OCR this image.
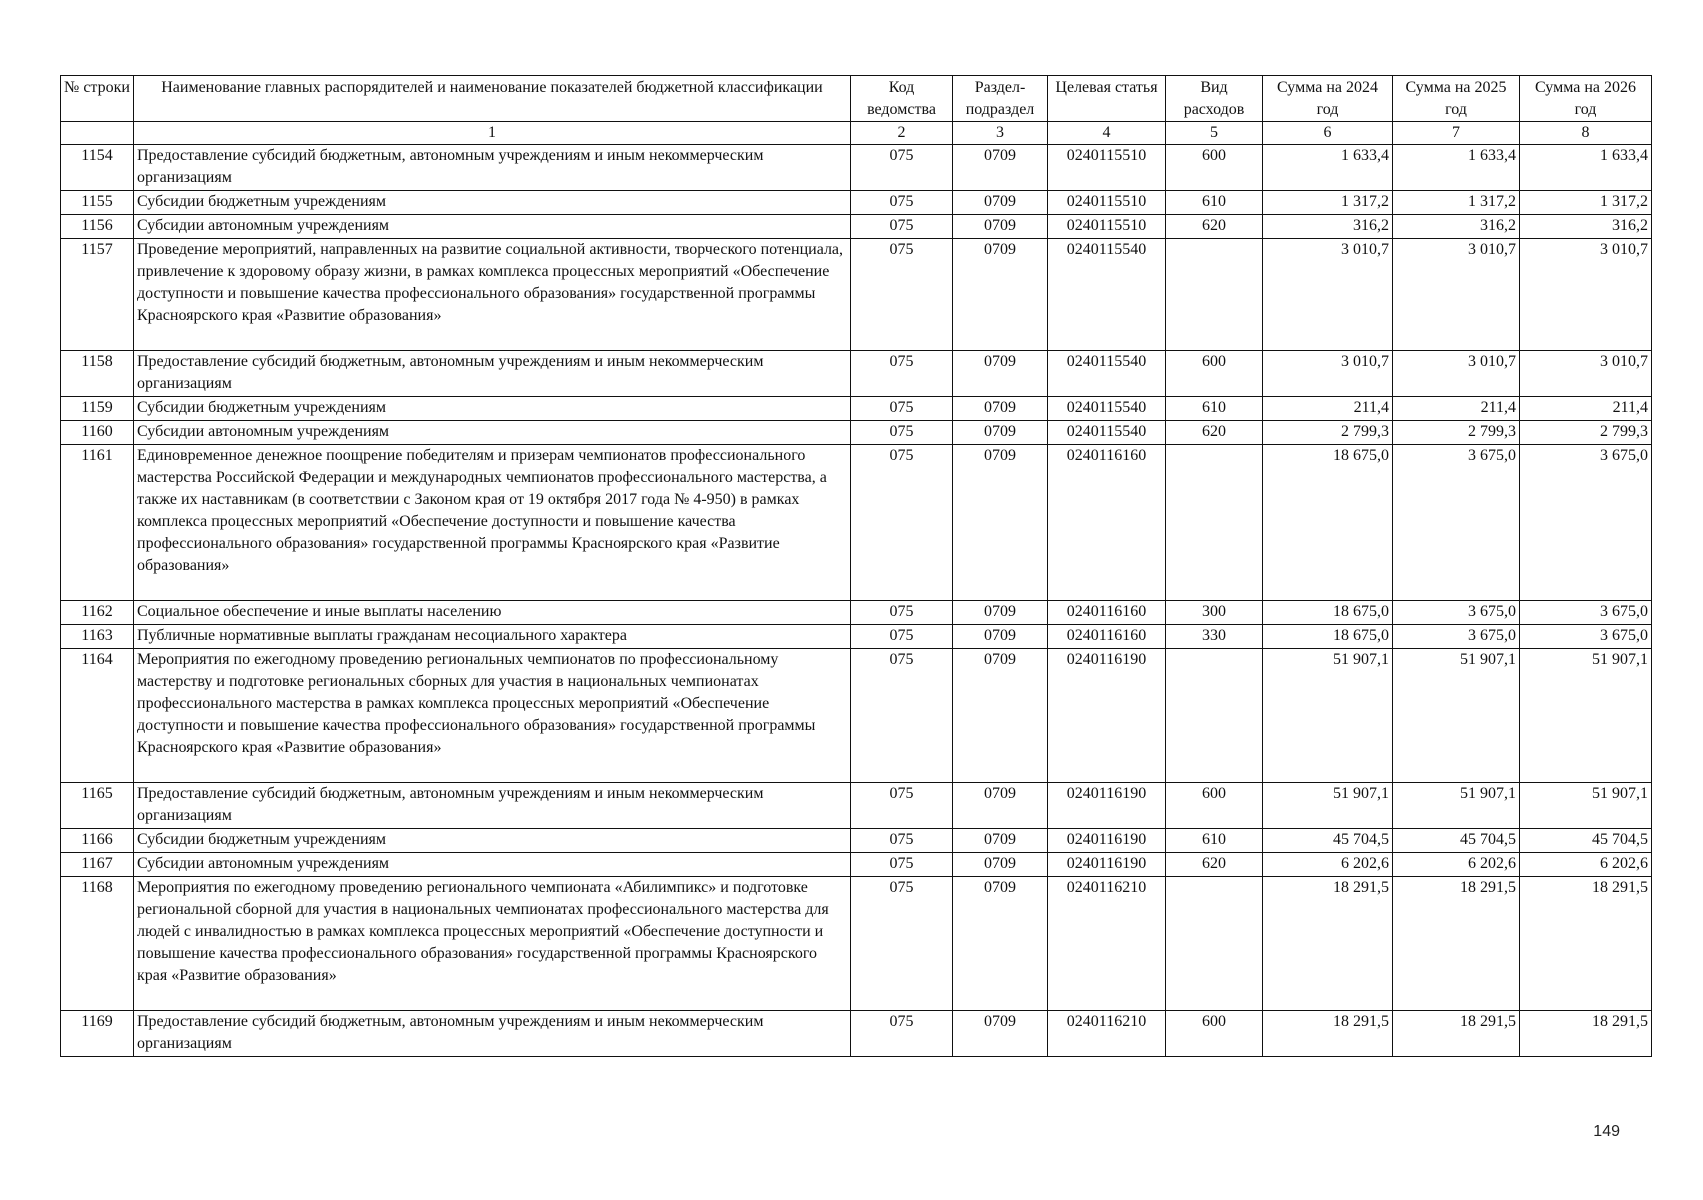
№ строки	Наименование главных распорядителей и наименование показателей бюджетной классификации	Код ведомства	Раздел-подраздел	Целевая статья	Вид расходов	Сумма на 2024 год	Сумма на 2025 год	Сумма на 2026 год
	1	2	3	4	5	6	7	8
1154	Предоставление субсидий бюджетным, автономным учреждениям и иным некоммерческим организациям	075	0709	0240115510	600	1 633,4	1 633,4	1 633,4
1155	Субсидии бюджетным учреждениям	075	0709	0240115510	610	1 317,2	1 317,2	1 317,2
1156	Субсидии автономным учреждениям	075	0709	0240115510	620	316,2	316,2	316,2
1157	Проведение мероприятий, направленных на развитие социальной активности, творческого потенциала, привлечение к здоровому образу жизни, в рамках комплекса процессных мероприятий «Обеспечение доступности и повышение качества профессионального образования» государственной программы Красноярского края «Развитие образования»	075	0709	0240115540		3 010,7	3 010,7	3 010,7
1158	Предоставление субсидий бюджетным, автономным учреждениям и иным некоммерческим организациям	075	0709	0240115540	600	3 010,7	3 010,7	3 010,7
1159	Субсидии бюджетным учреждениям	075	0709	0240115540	610	211,4	211,4	211,4
1160	Субсидии автономным учреждениям	075	0709	0240115540	620	2 799,3	2 799,3	2 799,3
1161	Единовременное денежное поощрение победителям и призерам чемпионатов профессионального мастерства Российской Федерации и международных чемпионатов профессионального мастерства, а также их наставникам (в соответствии с Законом края от 19 октября 2017 года № 4-950) в рамках комплекса процессных мероприятий «Обеспечение доступности и повышение качества профессионального образования» государственной программы Красноярского края «Развитие образования»	075	0709	0240116160		18 675,0	3 675,0	3 675,0
1162	Социальное обеспечение и иные выплаты населению	075	0709	0240116160	300	18 675,0	3 675,0	3 675,0
1163	Публичные нормативные выплаты гражданам несоциального характера	075	0709	0240116160	330	18 675,0	3 675,0	3 675,0
1164	Мероприятия по ежегодному проведению региональных чемпионатов по профессиональному мастерству и подготовке региональных сборных для участия в национальных чемпионатах профессионального мастерства в рамках комплекса процессных мероприятий «Обеспечение доступности и повышение качества профессионального образования» государственной программы Красноярского края «Развитие образования»	075	0709	0240116190		51 907,1	51 907,1	51 907,1
1165	Предоставление субсидий бюджетным, автономным учреждениям и иным некоммерческим организациям	075	0709	0240116190	600	51 907,1	51 907,1	51 907,1
1166	Субсидии бюджетным учреждениям	075	0709	0240116190	610	45 704,5	45 704,5	45 704,5
1167	Субсидии автономным учреждениям	075	0709	0240116190	620	6 202,6	6 202,6	6 202,6
1168	Мероприятия по ежегодному проведению регионального чемпионата «Абилимпикс» и подготовке региональной сборной для участия в национальных чемпионатах профессионального мастерства для людей с инвалидностью в рамках комплекса процессных мероприятий «Обеспечение доступности и повышение качества профессионального образования» государственной программы Красноярского края «Развитие образования»	075	0709	0240116210		18 291,5	18 291,5	18 291,5
1169	Предоставление субсидий бюджетным, автономным учреждениям и иным некоммерческим организациям	075	0709	0240116210	600	18 291,5	18 291,5	18 291,5
149
